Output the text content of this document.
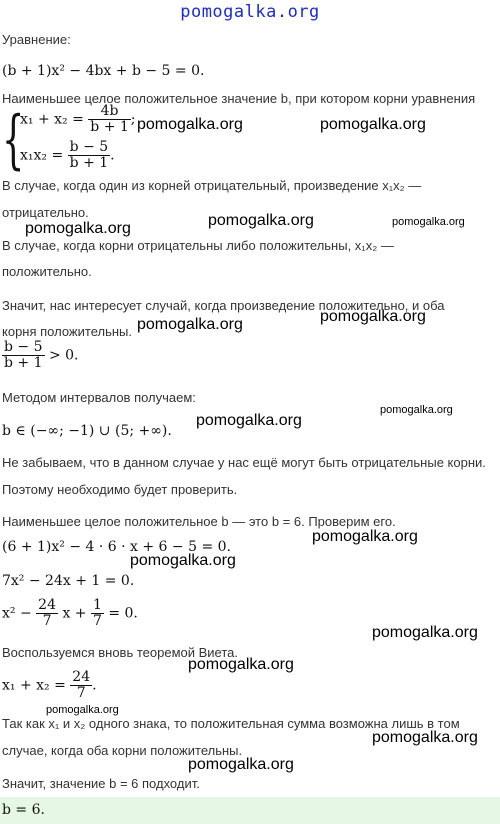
pomogalka.org
Уравнение:
(b + 1)x² − 4bx + b − 5 = 0.
Наименьшее целое положительное значение b, при котором корни уравнения
{
$x_1 + x_2 = \frac{4b}{b + 1}$ ;
$x_1x_2 = \frac{b - 5}{b + 1}$ .
В случае, когда один из корней отрицательный, произведение x₁x₂ —
отрицательно.
В случае, когда корни отрицательны либо положительны, x₁x₂ —
положительно.
Значит, нас интересует случай, когда произведение положительно, и оба
корня положительны.
$\frac{b - 5}{b + 1} > 0$.
Методом интервалов получаем:
b ∈ (−∞; −1) ∪ (5; +∞).
Не забываем, что в данном случае у нас ещё могут быть отрицательные корни.
Поэтому необходимо будет проверить.
Наименьшее целое положительное b — это b = 6. Проверим его.
(6 + 1)x² − 4 · 6 · x + 6 − 5 = 0.
7x² − 24x + 1 = 0.
$x^2 - \frac{24}{7}$ $x + \frac{1}{7} = 0$.
Воспользуемся вновь теоремой Виета.
$x_1 + x_2 = \frac{24}{7}$ .
Так как x₁ и x₂ одного знака, то положительная сумма возможна лишь в том
случае, когда оба корни положительны.
Значит, значение b = 6 подходит.
b = 6.
pomogalka.org	pomogalka.org
pomogalka.org
pomogalka.org	pomogalka.org
pomogalka.org
pomogalka.org
pomogalka.org
pomogalka.org
pomogalka.org
pomogalka.org
pomogalka.org
pomogalka.org
pomogalka.org
pomogalka.org
pomogalka.org
